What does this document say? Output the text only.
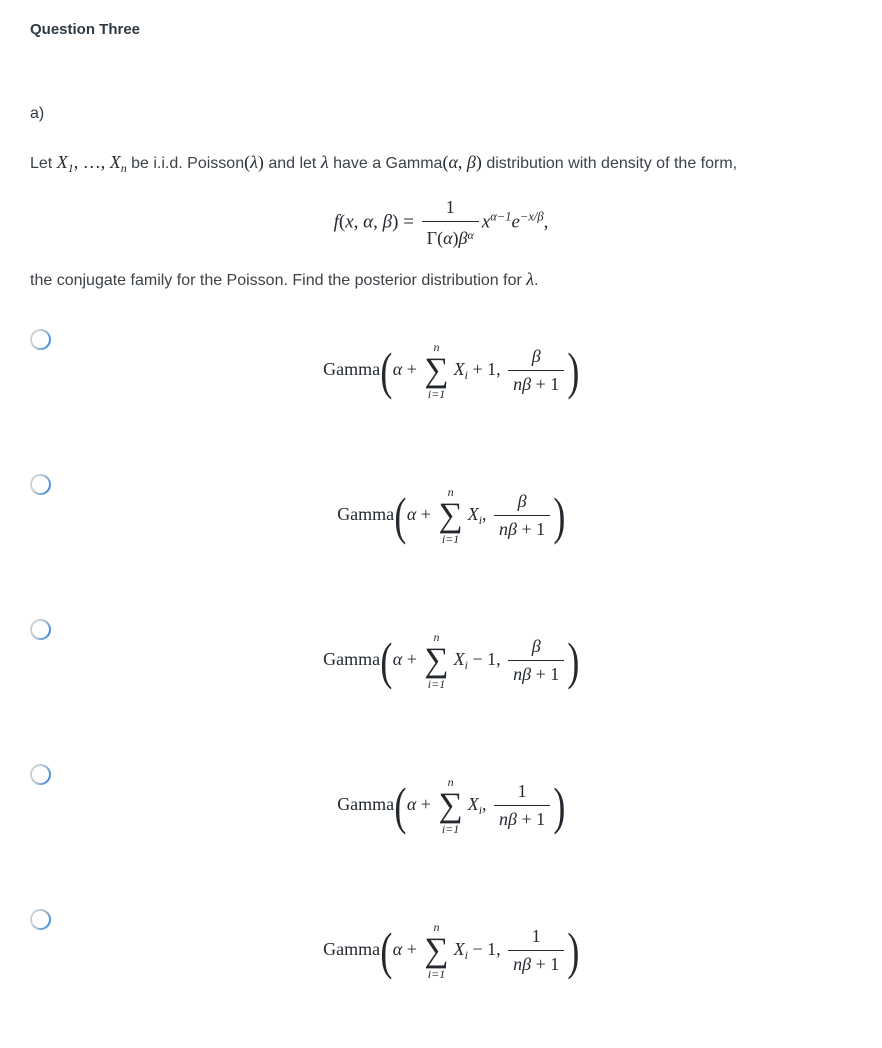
Question Three
a)

Let $X_1$, …, $X_n$ be i.i.d. Poisson(λ) and let λ have a Gamma(α, β) distribution with density of the form,

f(x, α, $\beta) = \frac{1}{\Gamma(\alpha)\beta^\alpha} x^{\alpha-1}e^{-x/\beta}$,

the conjugate family for the Poisson. Find the posterior distribution for λ.

Gamma(α +
n
∑
i=1
$X_i + 1$, $\frac{\beta}{n\beta + 1}$ )
Gamma(α +
n
∑
i=1
$X_i$, $\frac{\beta}{n\beta + 1}$ )
Gamma(α +
n
∑
i=1
$X_i - 1$, $\frac{\beta}{n\beta + 1}$ )
Gamma(α +
n
∑
i=1
$X_i$, $\frac{1}{n\beta + 1}$ )
Gamma(α +
n
∑
i=1
$X_i - 1$, $\frac{1}{n\beta + 1}$ )
